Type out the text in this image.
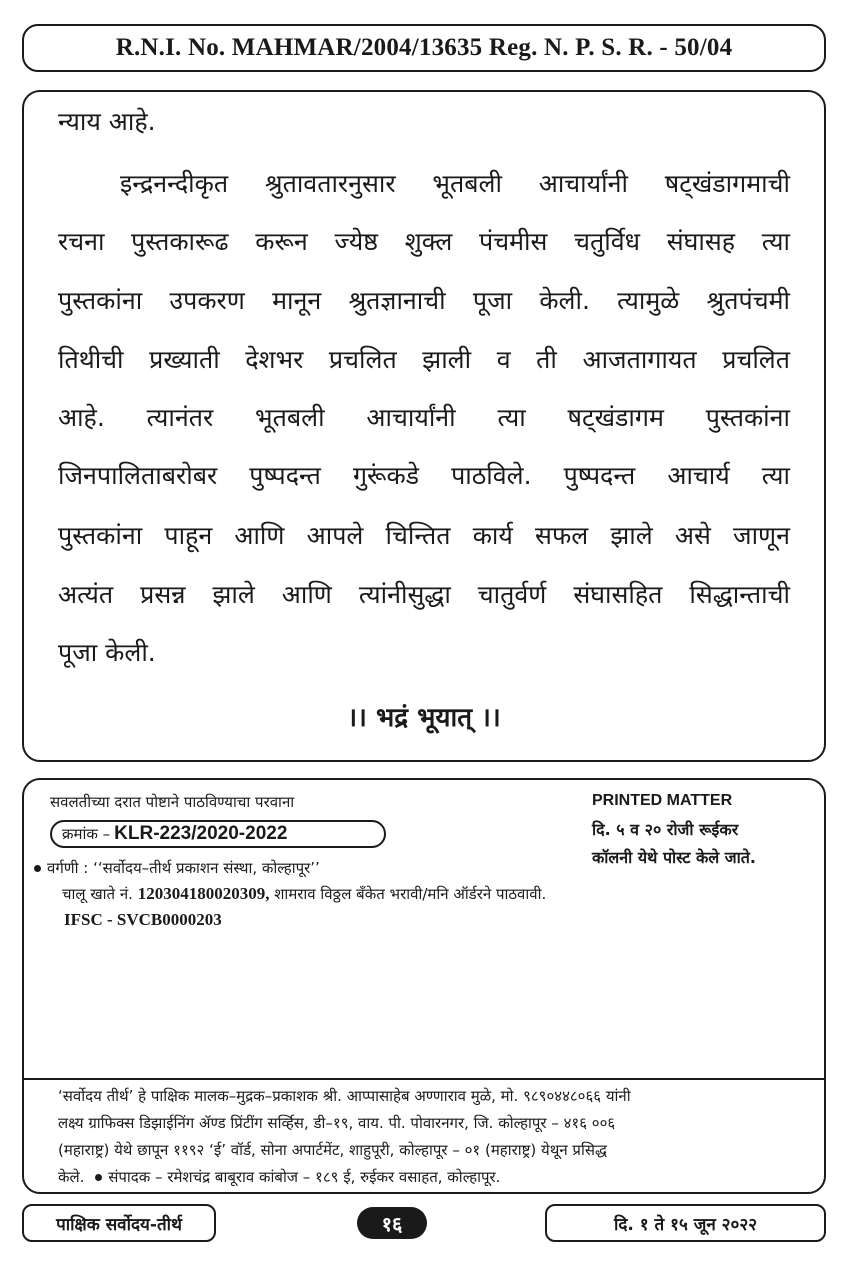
R.N.I. No. MAHMAR/2004/13635 Reg. N. P. S. R. - 50/04
न्याय आहे.
इन्द्रनन्दीकृत श्रुतावतारनुसार भूतबली आचार्यांनी षट्खंडागमाची
रचना पुस्तकारूढ करून ज्येष्ठ शुक्ल पंचमीस चतुर्विध संघासह त्या
पुस्तकांना उपकरण मानून श्रुतज्ञानाची पूजा केली. त्यामुळे श्रुतपंचमी
तिथीची प्रख्याती देशभर प्रचलित झाली व ती आजतागायत प्रचलित
आहे. त्यानंतर भूतबली आचार्यांनी त्या षट्खंडागम पुस्तकांना
जिनपालिताबरोबर पुष्पदन्त गुरूंकडे पाठविले. पुष्पदन्त आचार्य त्या
पुस्तकांना पाहून आणि आपले चिन्तित कार्य सफल झाले असे जाणून
अत्यंत प्रसन्न झाले आणि त्यांनीसुद्धा चातुर्वर्ण संघासहित सिद्धान्ताची
पूजा केली.
।। भद्रं भूयात् ।।
सवलतीच्या दरात पोष्टाने पाठविण्याचा परवाना
क्रमांक – KLR-223/2020-2022
PRINTED MATTER
दि. ५ व २० रोजी रूईकर
कॉलनी येथे पोस्ट केले जाते.
वर्गणी : ‘‘सर्वोदय–तीर्थ प्रकाशन संस्था, कोल्हापूर’’
चालू खाते नं. 120304180020309, शामराव विठ्ठल बँकेत भरावी/मनि ऑर्डरने पाठवावी.
IFSC - SVCB0000203
‘सर्वोदय तीर्थ’ हे पाक्षिक मालक–मुद्रक–प्रकाशक श्री. आप्पासाहेब अण्णाराव मुळे, मो. ९८९०४४८०६६ यांनी
लक्ष्य ग्राफिक्स डिझाईनिंग ॲण्ड प्रिंटींग सर्व्हिस, डी–१९, वाय. पी. पोवारनगर, जि. कोल्हापूर – ४१६ ००६
(महाराष्ट्र) येथे छापून ११९२ ‘ई’ वॉर्ड, सोना अपार्टमेंट, शाहुपूरी, कोल्हापूर – ०१ (महाराष्ट्र) येथून प्रसिद्ध
केले. संपादक – रमेशचंद्र बाबूराव कांबोज – १८९ ई, रुईकर वसाहत, कोल्हापूर.
पाक्षिक सर्वोदय-तीर्थ	१६	दि. १ ते १५ जून २०२२
